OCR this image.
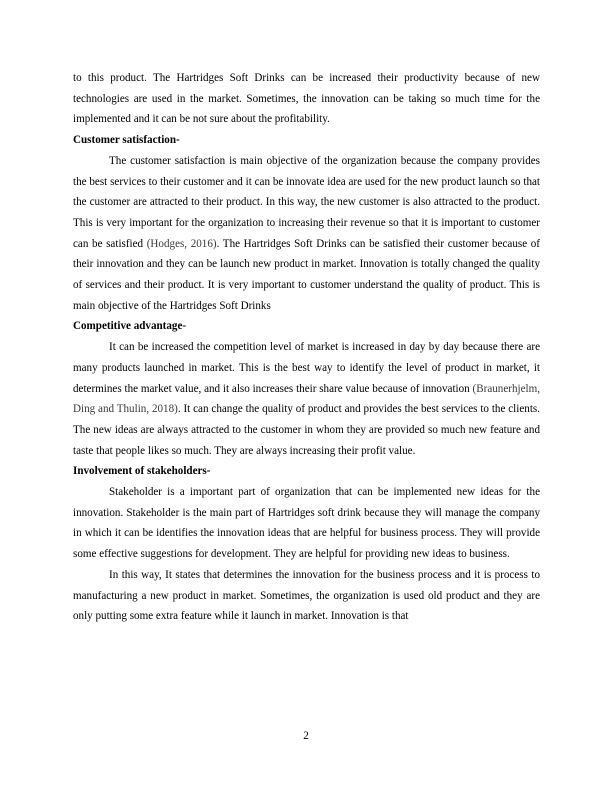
to this product. The Hartridges Soft Drinks can be increased their productivity because of new technologies are used in the market. Sometimes, the innovation can be taking so much time for the implemented and it can be not sure about the profitability.

Customer satisfaction-

The customer satisfaction is main objective of the organization because the company provides the best services to their customer and it can be innovate idea are used for the new product launch so that the customer are attracted to their product. In this way, the new customer is also attracted to the product. This is very important for the organization to increasing their revenue so that it is important to customer can be satisfied (Hodges, 2016). The Hartridges Soft Drinks can be satisfied their customer because of their innovation and they can be launch new product in market. Innovation is totally changed the quality of services and their product. It is very important to customer understand the quality of product. This is main objective of the Hartridges Soft Drinks

Competitive advantage-

It can be increased the competition level of market is increased in day by day because there are many products launched in market. This is the best way to identify the level of product in market, it determines the market value, and it also increases their share value because of innovation (Braunerhjelm, Ding and Thulin, 2018). It can change the quality of product and provides the best services to the clients. The new ideas are always attracted to the customer in whom they are provided so much new feature and taste that people likes so much. They are always increasing their profit value.

Involvement of stakeholders-

Stakeholder is a important part of organization that can be implemented new ideas for the innovation. Stakeholder is the main part of Hartridges soft drink because they will manage the company in which it can be identifies the innovation ideas that are helpful for business process. They will provide some effective suggestions for development. They are helpful for providing new ideas to business.

In this way, It states that determines the innovation for the business process and it is process to manufacturing a new product in market. Sometimes, the organization is used old product and they are only putting some extra feature while it launch in market. Innovation is that

2
